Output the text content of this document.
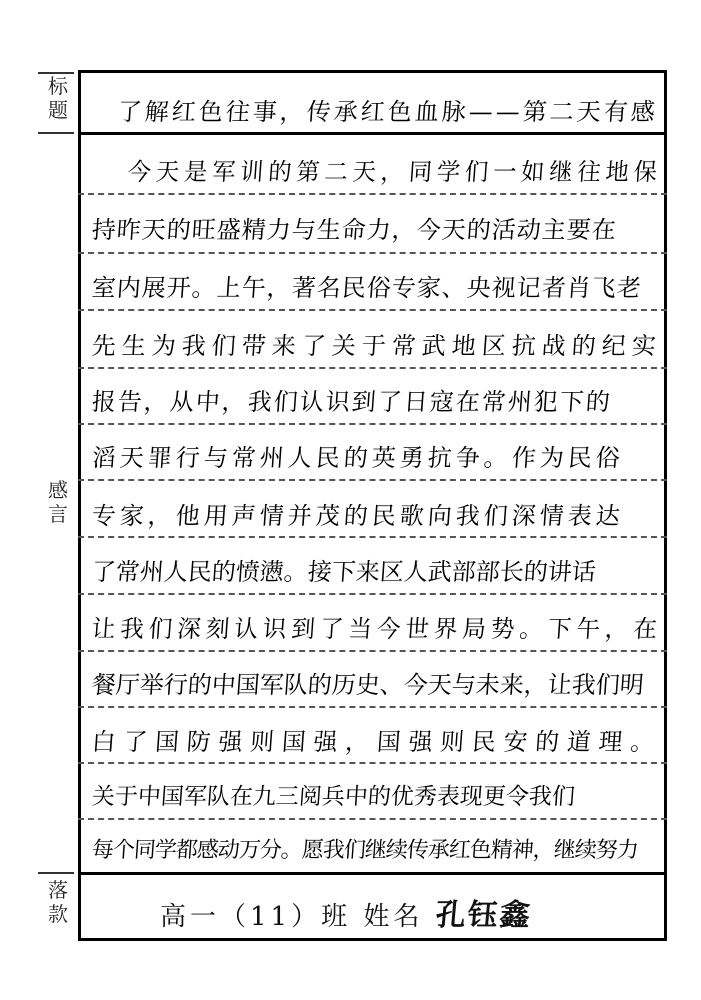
标
题
感
言
落
款
了解红色往事，传承红色血脉——第二天有感
今天是军训的第二天，同学们一如继往地保
持昨天的旺盛精力与生命力，今天的活动主要在
室内展开。上午，著名民俗专家、央视记者肖飞老
先生为我们带来了关于常武地区抗战的纪实
报告，从中，我们认识到了日寇在常州犯下的
滔天罪行与常州人民的英勇抗争。作为民俗
专家，他用声情并茂的民歌向我们深情表达
了常州人民的愤懑。接下来区人武部部长的讲话
让我们深刻认识到了当今世界局势。下午，在
餐厅举行的中国军队的历史、今天与未来，让我们明
白了国防强则国强，国强则民安的道理。
关于中国军队在九三阅兵中的优秀表现更令我们
每个同学都感动万分。愿我们继续传承红色精神，继续努力
高一（11）班 姓名 孔钰鑫
